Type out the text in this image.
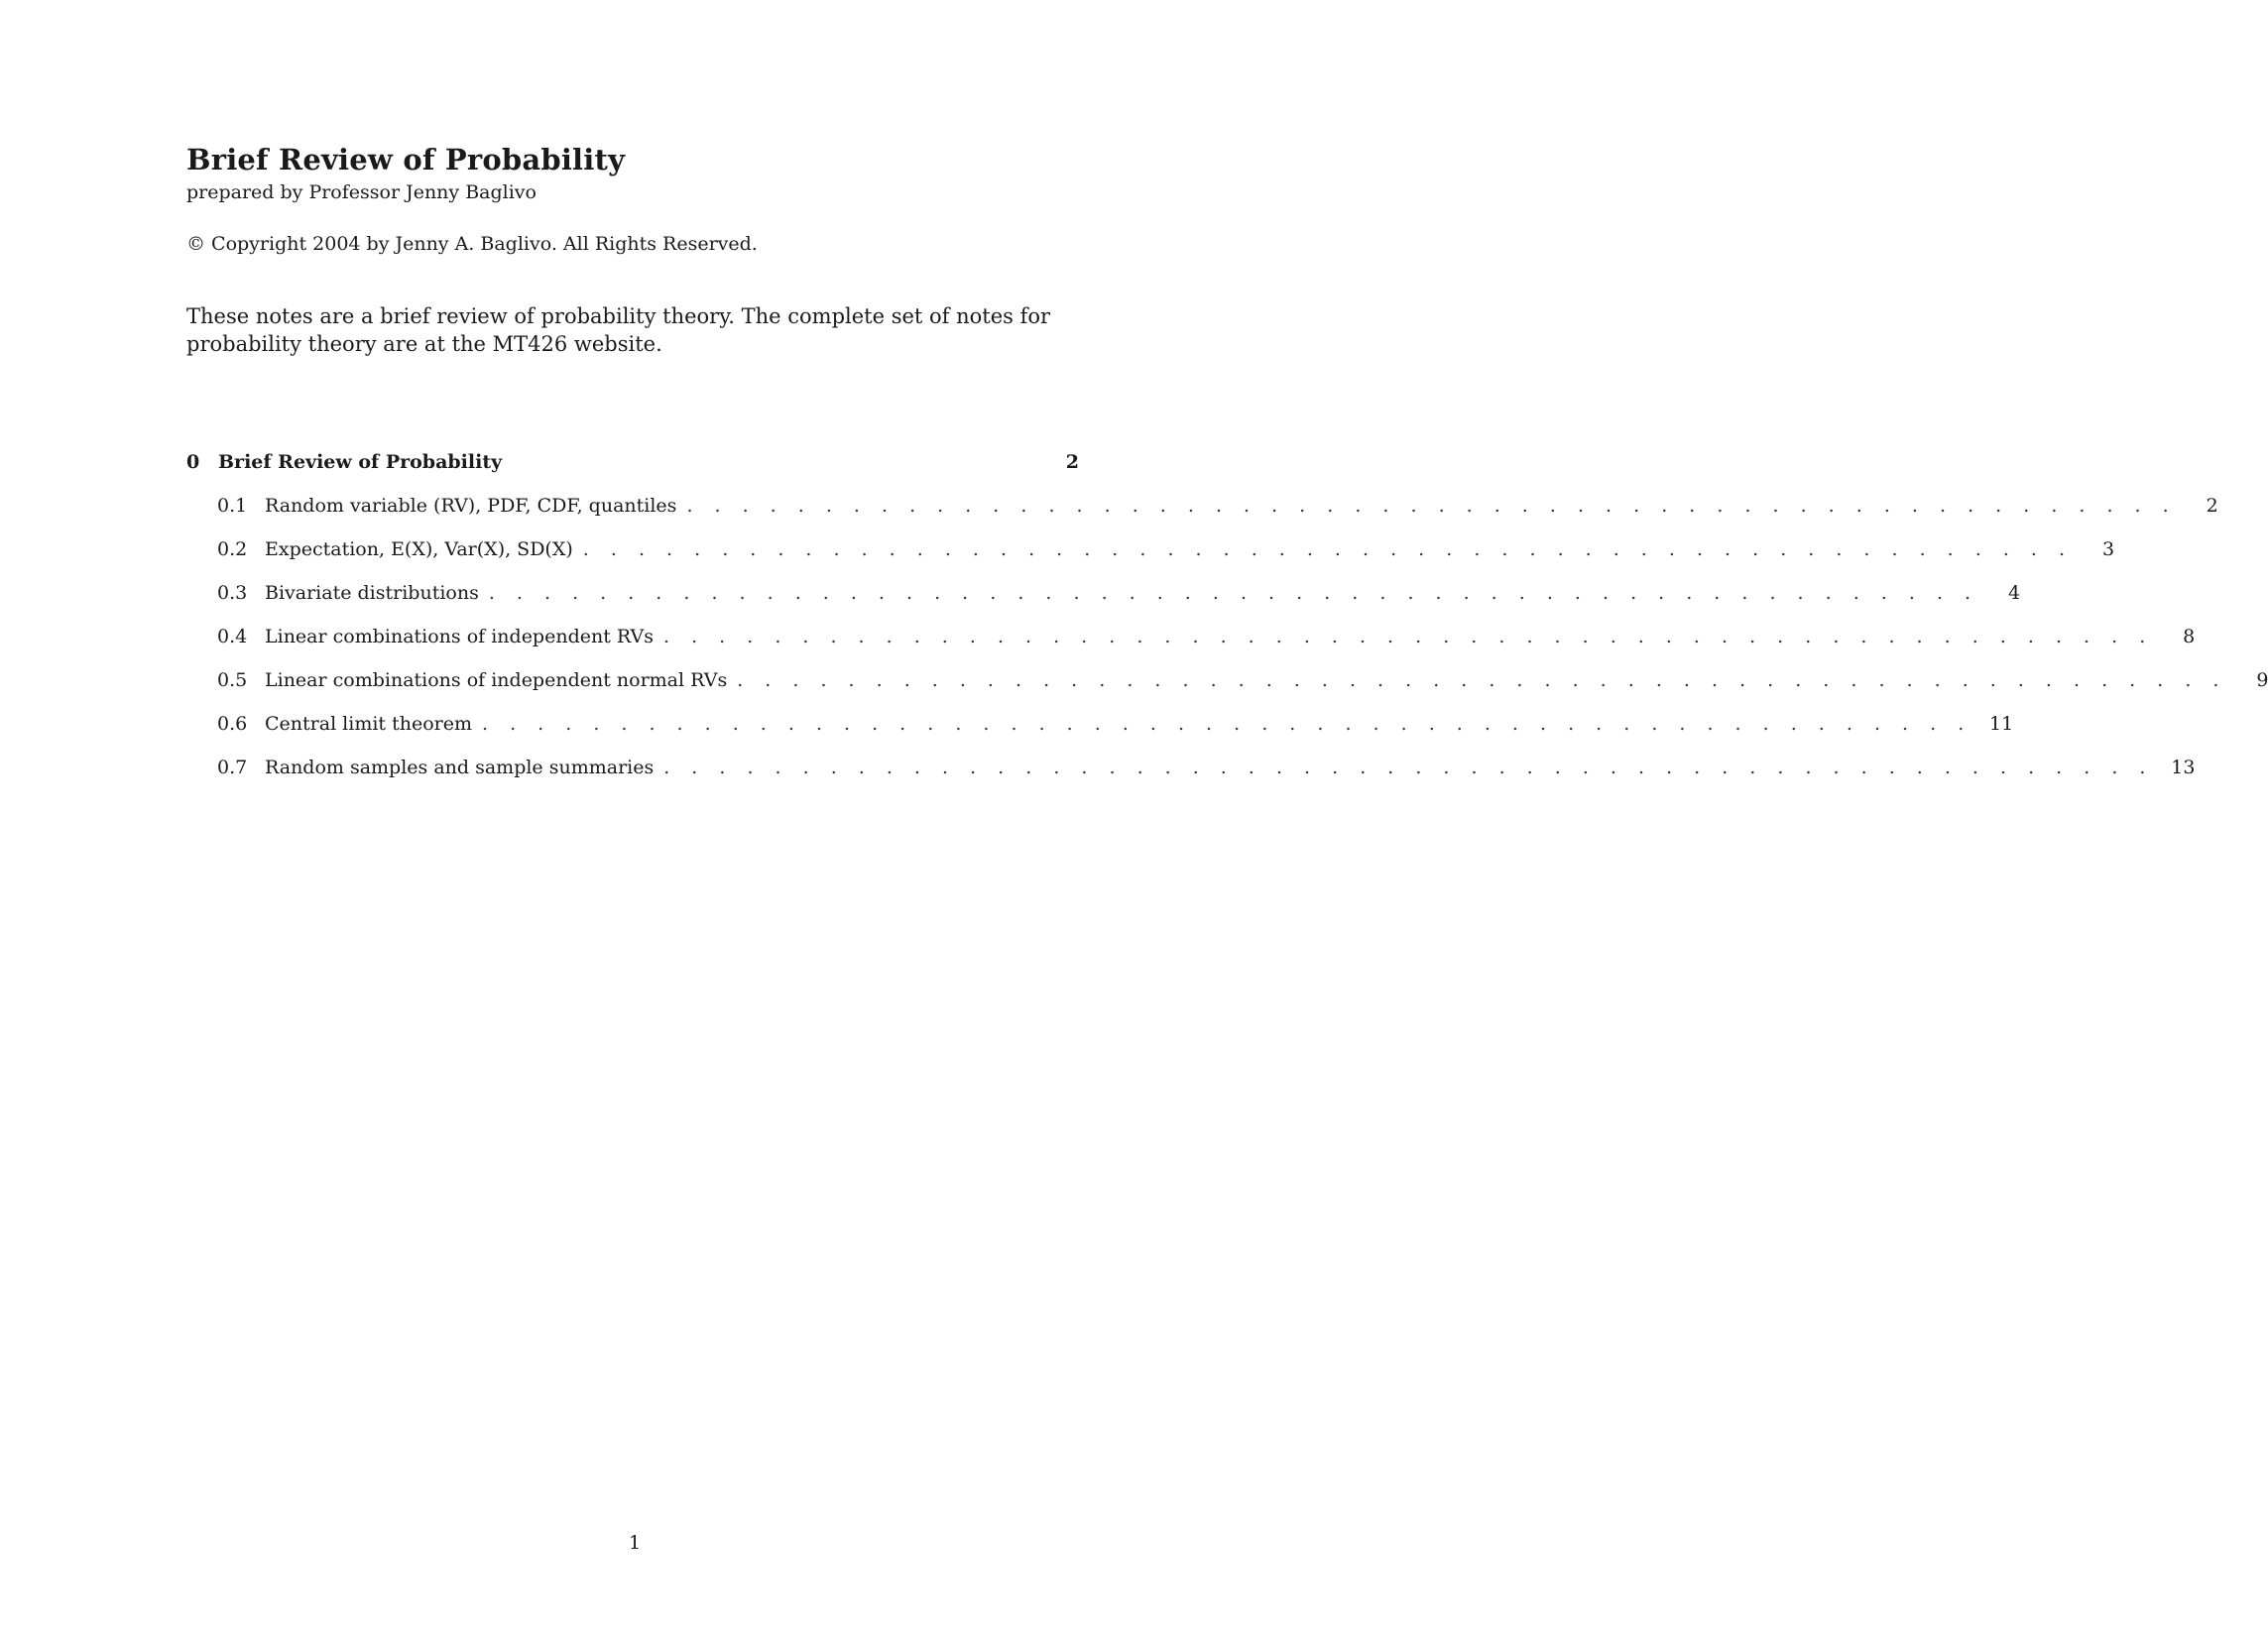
Brief Review of Probability
prepared by Professor Jenny Baglivo
© Copyright 2004 by Jenny A. Baglivo. All Rights Reserved.
These notes are a brief review of probability theory. The complete set of notes for probability theory are at the MT426 website.
0 Brief Review of Probability	2
0.1 Random variable (RV), PDF, CDF, quantiles . . . . . . . . . . . . . . . . . . . . . . . . . . . . . . . . . . . . . . . . . . . . . . . . . . . . . .	2
0.2 Expectation, E(X), Var(X), SD(X) . . . . . . . . . . . . . . . . . . . . . . . . . . . . . . . . . . . . . . . . . . . . . . . . . . . . . .	3
0.3 Bivariate distributions . . . . . . . . . . . . . . . . . . . . . . . . . . . . . . . . . . . . . . . . . . . . . . . . . . . . . .	4
0.4 Linear combinations of independent RVs . . . . . . . . . . . . . . . . . . . . . . . . . . . . . . . . . . . . . . . . . . . . . . . . . . . . . .	8
0.5 Linear combinations of independent normal RVs . . . . . . . . . . . . . . . . . . . . . . . . . . . . . . . . . . . . . . . . . . . . . . . . . . . . . .	9
0.6 Central limit theorem . . . . . . . . . . . . . . . . . . . . . . . . . . . . . . . . . . . . . . . . . . . . . . . . . . . . . . 11
0.7 Random samples and sample summaries . . . . . . . . . . . . . . . . . . . . . . . . . . . . . . . . . . . . . . . . . . . . . . . . . . . . . . 13
1
